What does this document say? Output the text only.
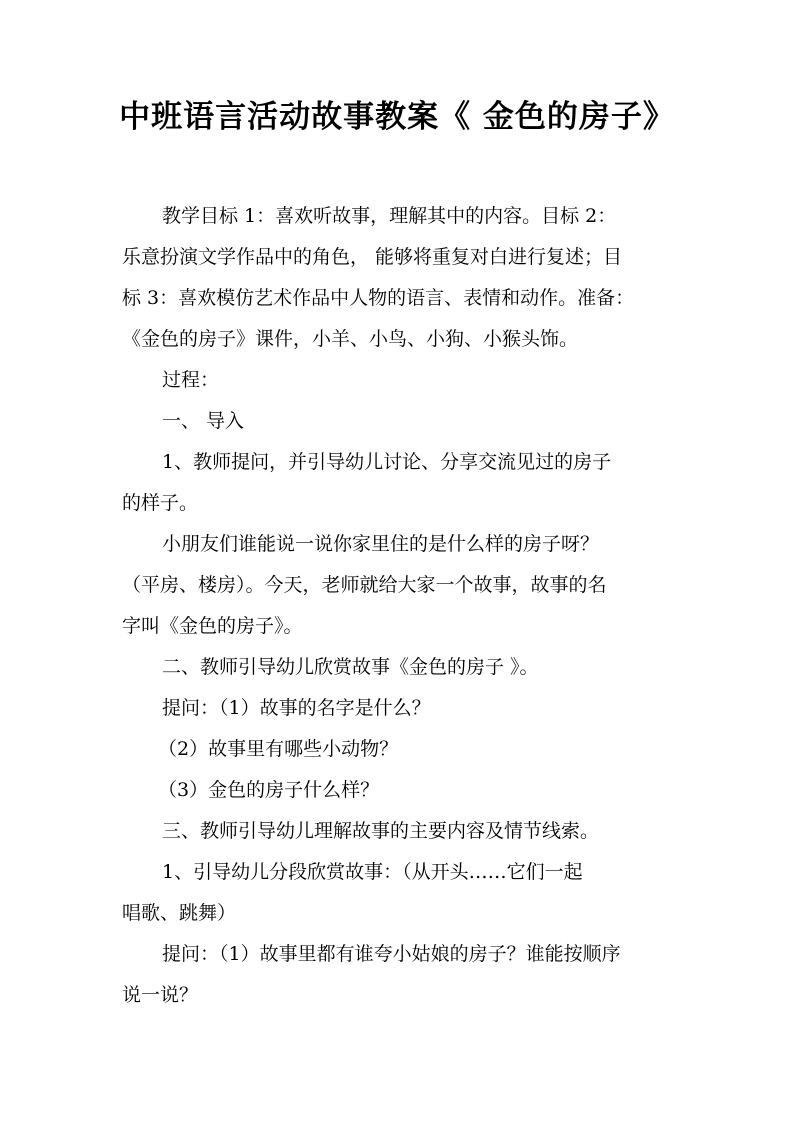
中班语言活动故事教案《 金色的房子》
教学目标 1：喜欢听故事，理解其中的内容。目标 2：
乐意扮演文学作品中的角色， 能够将重复对白进行复述；目
标 3：喜欢模仿艺术作品中人物的语言、表情和动作。准备：
《金色的房子》课件，小羊、小鸟、小狗、小猴头饰。
过程：
一、 导入
1、教师提问，并引导幼儿讨论、分享交流见过的房子
的样子。
小朋友们谁能说一说你家里住的是什么样的房子呀？
（平房、楼房）。今天，老师就给大家一个故事，故事的名
字叫《金色的房子》。
二、教师引导幼儿欣赏故事《金色的房子 》。
提问：（1）故事的名字是什么？
（2）故事里有哪些小动物？
（3）金色的房子什么样？
三、教师引导幼儿理解故事的主要内容及情节线索。
1、引导幼儿分段欣赏故事：（从开头……它们一起
唱歌、跳舞）
提问：（1）故事里都有谁夸小姑娘的房子？谁能按顺序
说一说？
